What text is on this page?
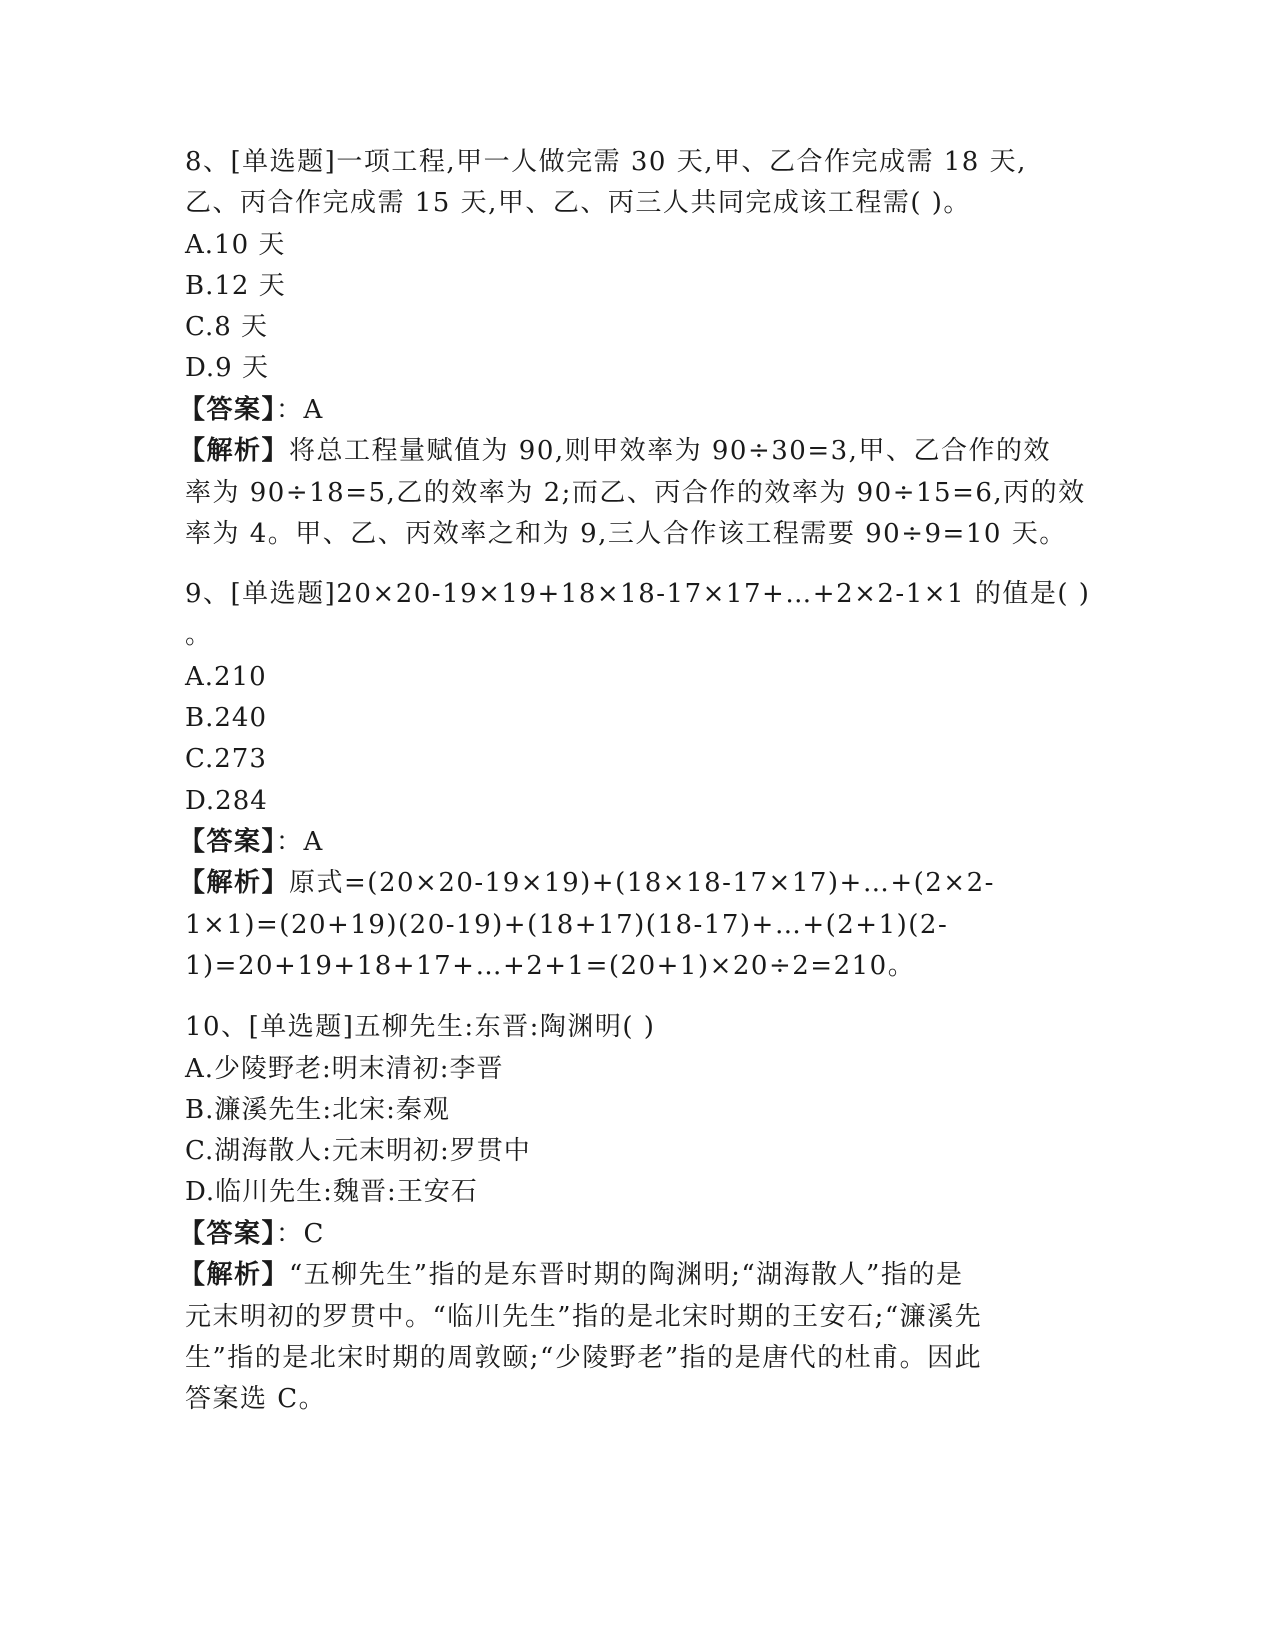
8、[单选题]一项工程,甲一人做完需 30 天,甲、乙合作完成需 18 天,
乙、丙合作完成需 15 天,甲、乙、丙三人共同完成该工程需( )。
A.10 天
B.12 天
C.8 天
D.9 天
【答案】：A
【解析】将总工程量赋值为 90,则甲效率为 90÷30=3,甲、乙合作的效
率为 90÷18=5,乙的效率为 2;而乙、丙合作的效率为 90÷15=6,丙的效
率为 4。甲、乙、丙效率之和为 9,三人合作该工程需要 90÷9=10 天。
9、[单选题]20×20-19×19+18×18-17×17+…+2×2-1×1 的值是( )
。
A.210
B.240
C.273
D.284
【答案】：A
【解析】原式=(20×20-19×19)+(18×18-17×17)+…+(2×2-
1×1)=(20+19)(20-19)+(18+17)(18-17)+…+(2+1)(2-
1)=20+19+18+17+…+2+1=(20+1)×20÷2=210。
10、[单选题]五柳先生:东晋:陶渊明( )
A.少陵野老:明末清初:李晋
B.濂溪先生:北宋:秦观
C.湖海散人:元末明初:罗贯中
D.临川先生:魏晋:王安石
【答案】：C
【解析】“五柳先生”指的是东晋时期的陶渊明;“湖海散人”指的是
元末明初的罗贯中。“临川先生”指的是北宋时期的王安石;“濂溪先
生”指的是北宋时期的周敦颐;“少陵野老”指的是唐代的杜甫。因此
答案选 C。
